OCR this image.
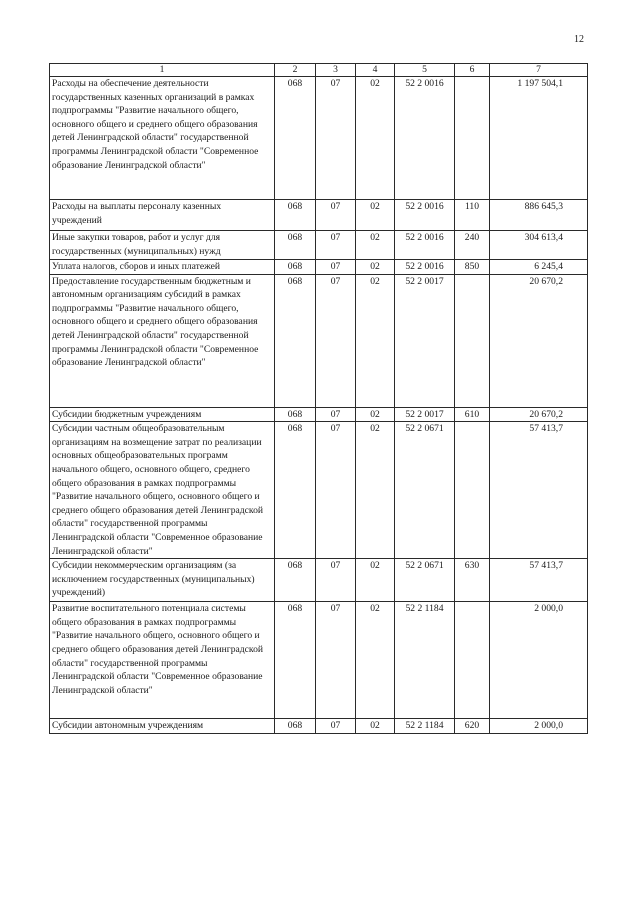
12
1	2	3	4	5	6	7
Расходы на обеспечение деятельности государственных казенных организаций в рамках подпрограммы "Развитие начального общего, основного общего и среднего общего образования детей Ленинградской области" государственной программы Ленинградской области "Современное образование Ленинградской области"	068	07	02	52 2 0016		1 197 504,1
Расходы на выплаты персоналу казенных учреждений	068	07	02	52 2 0016	110	886 645,3
Иные закупки товаров, работ и услуг для государственных (муниципальных) нужд	068	07	02	52 2 0016	240	304 613,4
Уплата налогов, сборов и иных платежей	068	07	02	52 2 0016	850	6 245,4
Предоставление государственным бюджетным и автономным организациям субсидий в рамках подпрограммы "Развитие начального общего, основного общего и среднего общего образования детей Ленинградской области" государственной программы Ленинградской области "Современное образование Ленинградской области"	068	07	02	52 2 0017		20 670,2
Субсидии бюджетным учреждениям	068	07	02	52 2 0017	610	20 670,2
Субсидии частным общеобразовательным организациям на возмещение затрат по реализации основных общеобразовательных программ начального общего, основного общего, среднего общего образования в рамках подпрограммы "Развитие начального общего, основного общего и среднего общего образования детей Ленинградской области" государственной программы Ленинградской области "Современное образование Ленинградской области"	068	07	02	52 2 0671		57 413,7
Субсидии некоммерческим организациям (за исключением государственных (муниципальных) учреждений)	068	07	02	52 2 0671	630	57 413,7
Развитие воспитательного потенциала системы общего образования в рамках подпрограммы "Развитие начального общего, основного общего и среднего общего образования детей Ленинградской области" государственной программы Ленинградской области "Современное образование Ленинградской области"	068	07	02	52 2 1184		2 000,0
Субсидии автономным учреждениям	068	07	02	52 2 1184	620	2 000,0
